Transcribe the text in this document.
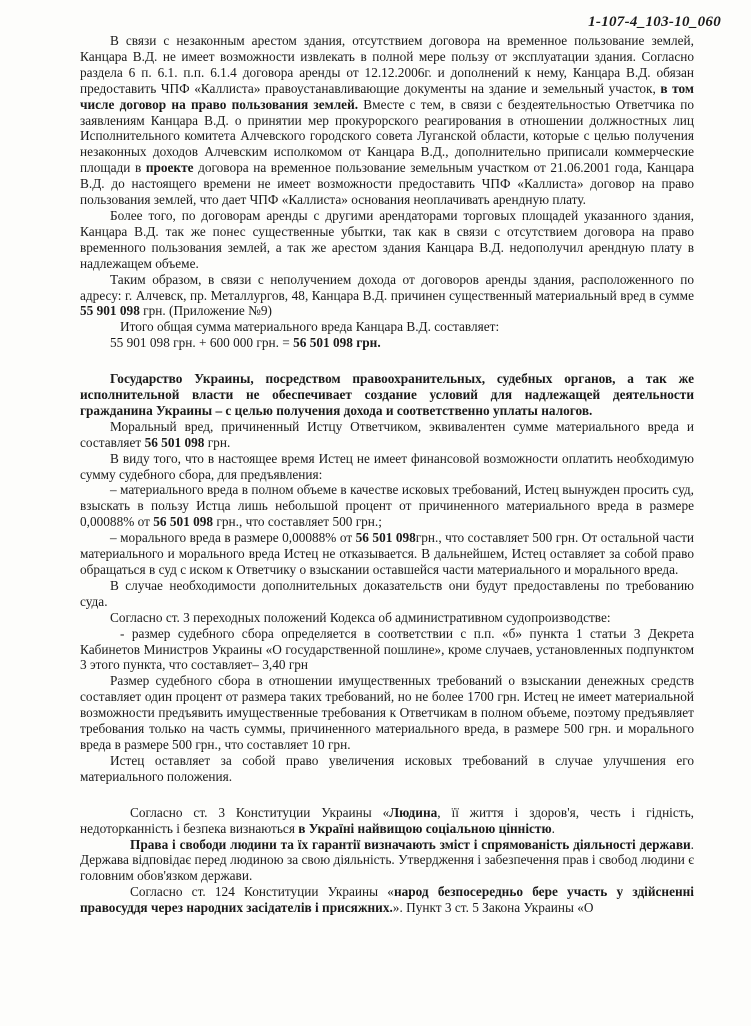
1-107-4_103-10_060

В связи с незаконным арестом здания, отсутствием договора на временное пользование землей, Канцара В.Д. не имеет возможности извлекать в полной мере пользу от эксплуатации здания. Согласно раздела 6 п. 6.1. п.п. 6.1.4 договора аренды от 12.12.2006г. и дополнений к нему, Канцара В.Д. обязан предоставить ЧПФ «Каллиста» правоустанавливающие документы на здание и земельный участок, в том числе договор на право пользования землей. Вместе с тем, в связи с бездеятельностью Ответчика по заявлениям Канцара В.Д. о принятии мер прокурорского реагирования в отношении должностных лиц Исполнительного комитета Алчевского городского совета Луганской области, которые с целью получения незаконных доходов Алчевским исполкомом от Канцара В.Д., дополнительно приписали коммерческие площади в проекте договора на временное пользование земельным участком от 21.06.2001 года, Канцара В.Д. до настоящего времени не имеет возможности предоставить ЧПФ «Каллиста» договор на право пользования землей, что дает ЧПФ «Каллиста» основания неоплачивать арендную плату.

Более того, по договорам аренды с другими арендаторами торговых площадей указанного здания, Канцара В.Д. так же понес существенные убытки, так как в связи с отсутствием договора на право временного пользования землей, а так же арестом здания Канцара В.Д. недополучил арендную плату в надлежащем объеме.

Таким образом, в связи с неполучением дохода от договоров аренды здания, расположенного по адресу: г. Алчевск, пр. Металлургов, 48, Канцара В.Д. причинен существенный материальный вред в сумме 55 901 098 грн. (Приложение №9)

Итого общая сумма материального вреда Канцара В.Д. составляет:

55 901 098 грн. + 600 000 грн. = 56 501 098 грн.

Государство Украины, посредством правоохранительных, судебных органов, а так же исполнительной власти не обеспечивает создание условий для надлежащей деятельности гражданина Украины – с целью получения дохода и соответственно уплаты налогов.

Моральный вред, причиненный Истцу Ответчиком, эквивалентен сумме материального вреда и составляет 56 501 098 грн.

В виду того, что в настоящее время Истец не имеет финансовой возможности оплатить необходимую сумму судебного сбора, для предъявления:

– материального вреда в полном объеме в качестве исковых требований, Истец вынужден просить суд, взыскать в пользу Истца лишь небольшой процент от причиненного материального вреда в размере 0,00088% от 56 501 098 грн., что составляет 500 грн.;

– морального вреда в размере 0,00088% от 56 501 098грн., что составляет 500 грн. От остальной части материального и морального вреда Истец не отказывается. В дальнейшем, Истец оставляет за собой право обращаться в суд с иском к Ответчику о взыскании оставшейся части материального и морального вреда.

В случае необходимости дополнительных доказательств они будут предоставлены по требованию суда.

Согласно ст. 3 переходных положений Кодекса об административном судопроизводстве:

- размер судебного сбора определяется в соответствии с п.п. «б» пункта 1 статьи 3 Декрета Кабинетов Министров Украины «О государственной пошлине», кроме случаев, установленных подпунктом 3 этого пункта, что составляет– 3,40 грн

Размер судебного сбора в отношении имущественных требований о взыскании денежных средств составляет один процент от размера таких требований, но не более 1700 грн. Истец не имеет материальной возможности предъявить имущественные требования к Ответчикам в полном объеме, поэтому предъявляет требования только на часть суммы, причиненного материального вреда, в размере 500 грн. и морального вреда в размере 500 грн., что составляет 10 грн.

Истец оставляет за собой право увеличения исковых требований в случае улучшения его материального положения.

Согласно ст. 3 Конституции Украины «Людина, її життя і здоров'я, честь і гідність, недоторканність і безпека визнаються в Україні найвищою соціальною цінністю.

Права і свободи людини та їх гарантії визначають зміст і спрямованість діяльності держави. Держава відповідає перед людиною за свою діяльність. Утвердження і забезпечення прав і свобод людини є головним обов'язком держави.

Согласно ст. 124 Конституции Украины «народ безпосередньо бере участь у здійсненні правосуддя через народних засідателів і присяжних.». Пункт 3 ст. 5 Закона Украины «О
